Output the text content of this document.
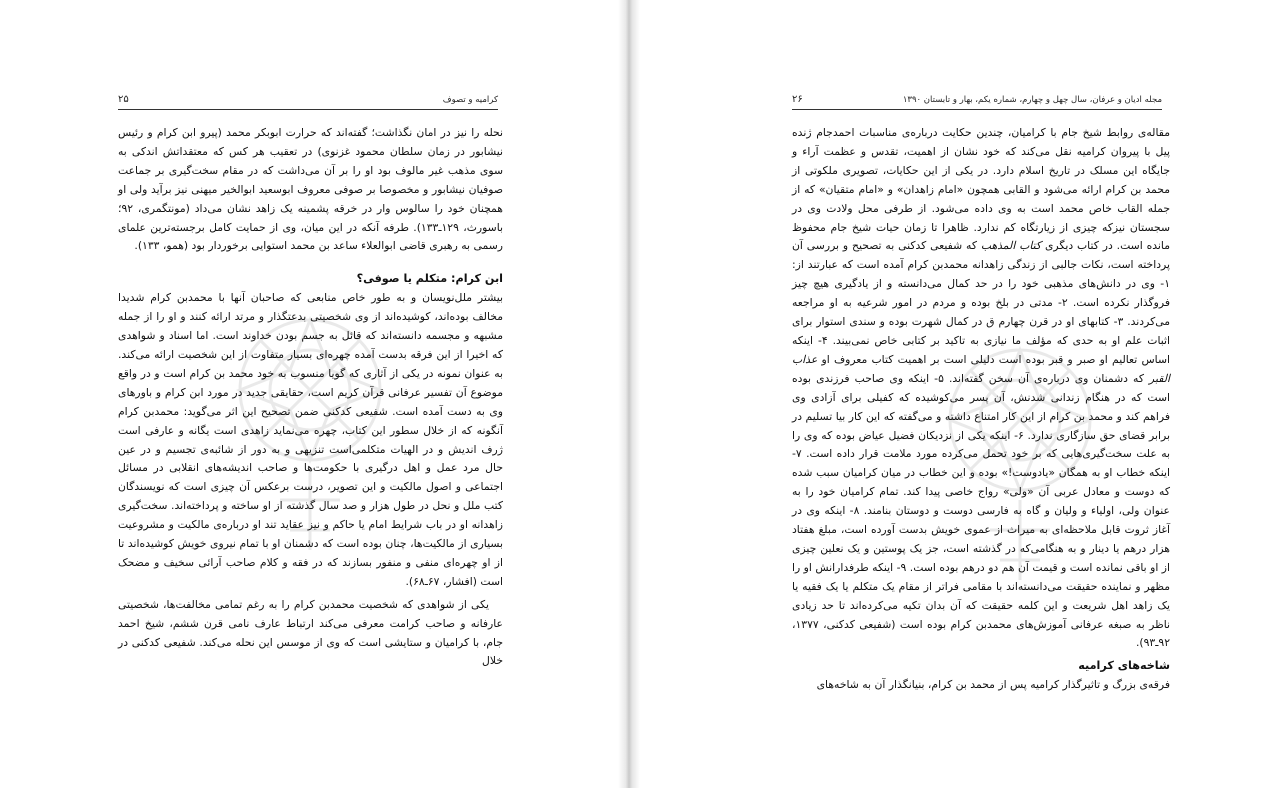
کرامیه و تصوف
۲۵

نحله را نیز در امان نگذاشت؛ گفته‌اند که حرارت ابوبکر محمد (پیرو ابن کرام و رئیس نیشابور در زمان سلطان محمود غزنوی) در تعقیب هر کس که معتقداتش اندکی به سوی مذهب غیر مالوف بود او را بر آن می‌داشت که در مقام سخت‌گیری بر جماعت صوفیان نیشابور و مخصوصا بر صوفی معروف ابوسعید ابوالخیر میهنی نیز برآید ولی او همچنان خود را سالوس وار در خرقه پشمینه یک زاهد نشان می‌داد (مونتگمری، ۹۲؛ باسورث، ۱۲۹ـ۱۳۳). طرفه آنکه در این میان، وی از حمایت کامل برجسته‌ترین علمای رسمی به رهبری قاضی ابوالعلاء ساعد بن محمد استوایی برخوردار بود (همو، ۱۳۳).

ابن کرام: متکلم یا صوفی؟

بیشتر ملل‌نویسان و به طور خاص منابعی که صاحبان آنها با محمدبن کرام شدیدا مخالف بوده‌اند، کوشیده‌اند از وی شخصیتی بدعتگذار و مرتد ارائه کنند و او را از جمله مشبهه و مجسمه دانسته‌اند که قائل به جسم بودن خداوند است. اما اسناد و شواهدی که اخیرا از این فرقه بدست آمده چهره‌ای بسیار متفاوت از این شخصیت ارائه می‌کند. به عنوان نمونه در یکی از آثاری که گویا منسوب به خود محمد بن کرام است و در واقع موضوع آن تفسیر عرفانی قرآن کریم است، حقایقی جدید در مورد ابن کرام و باورهای وی به دست آمده است. شفیعی کدکنی ضمن تصحیح این اثر می‌گوید: محمدبن کرام آنگونه که از خلال سطور این کتاب، چهره می‌نماید زاهدی است یگانه و عارفی است ژرف اندیش و در الهیات متکلمی‌است تنزیهی و به دور از شائبه‌ی تجسیم و در عین حال مرد عمل و اهل درگیری با حکومت‌ها و صاحب اندیشه‌های انقلابی در مسائل اجتماعی و اصول مالکیت و این تصویر، درست برعکس آن چیزی است که نویسندگان کتب ملل و نحل در طول هزار و صد سال گذشته از او ساخته و پرداخته‌اند. سخت‌گیری زاهدانه او در باب شرایط امام یا حاکم و نیز عقاید تند او درباره‌ی مالکیت و مشروعیت بسیاری از مالکیت‌ها، چنان بوده است که دشمنان او با تمام نیروی خویش کوشیده‌اند تا از او چهره‌ای منفی و منفور بسازند که در فقه و کلام صاحب آرائی سخیف و مضحک است (افشار، ۶۷ـ۶۸).

یکی از شواهدی که شخصیت محمدبن کرام را به رغم تمامی مخالفت‌ها، شخصیتی عارفانه و صاحب کرامت معرفی می‌کند ارتباط عارف نامی قرن ششم، شیخ احمد جام، با کرامیان و ستایشی است که وی از موسس این نحله می‌کند. شفیعی کدکنی در خلال

مجله ادیان و عرفان، سال چهل و چهارم، شماره یکم، بهار و تابستان ۱۳۹۰
۲۶

مقاله‌ی روابط شیخ جام با کرامیان، چندین حکایت درباره‌ی مناسبات احمدجام ژنده پیل با پیروان کرامیه نقل می‌کند که خود نشان از اهمیت، تقدس و عظمت آراء و جایگاه این مسلک در تاریخ اسلام دارد. در یکی از این حکایات، تصویری ملکوتی از محمد بن کرام ارائه می‌شود و القابی همچون «امام زاهدان» و «امام متقیان» که از جمله القاب خاص محمد است به وی داده می‌شود. از طرفی محل ولادت وی در سجستان نیزکه چیزی از زیارتگاه کم ندارد. ظاهرا تا زمان حیات شیخ جام محفوظ مانده است. در کتاب دیگری کتاب المذهب که شفیعی کدکنی به تصحیح و بررسی آن پرداخته است، نکات جالبی از زندگی زاهدانه محمدبن کرام آمده است که عبارتند از: ۱- وی در دانش‌های مذهبی خود را در حد کمال می‌دانسته و از یادگیری هیچ چیز فروگذار نکرده است. ۲- مدتی در بلخ بوده و مردم در امور شرعیه به او مراجعه می‌کردند. ۳- کتابهای او در قرن چهارم ق در کمال شهرت بوده و سندی استوار برای اثبات علم او به حدی که مؤلف ما نیازی به تاکید بر کتابی خاص نمی‌بیند. ۴- اینکه اساس تعالیم او صبر و قبر بوده است دلیلی است بر اهمیت کتاب معروف او عذاب القبر که دشمنان وی درباره‌ی آن سخن گفته‌اند. ۵- اینکه وی صاحب فرزندی بوده است که در هنگام زندانی شدنش، آن پسر می‌کوشیده که کفیلی برای آزادی وی فراهم کند و محمد بن کرام از این کار امتناع داشته و می‌گفته که این کار بیا تسلیم در برابر قضای حق سازگاری ندارد. ۶- اینکه یکی از نزدیکان فضیل عیاض بوده که وی را به علت سخت‌گیری‌هایی که بر خود تحمل می‌کرده مورد ملامت قرار داده است. ۷- اینکه خطاب او به همگان «یادوست!» بوده و این خطاب در میان کرامیان سبب شده که دوست و معادل عربی آن «ولی» رواج خاصی پیدا کند. تمام کرامیان خود را به عنوان ولی، اولیاء و ولیان و گاه به فارسی دوست و دوستان بنامند. ۸- اینکه وی در آغاز ثروت قابل ملاحظه‌ای به میراث از عموی خویش بدست آورده است، مبلغ هفتاد هزار درهم یا دینار و به هنگامی‌که در گذشته است، جز یک پوستین و یک نعلین چیزی از او باقی نمانده است و قیمت آن هم دو درهم بوده است. ۹- اینکه طرفدارانش او را مظهر و نماینده حقیقت می‌دانسته‌اند با مقامی فراتر از مقام یک متکلم یا یک فقیه یا یک زاهد اهل شریعت و این کلمه حقیقت که آن بدان تکیه می‌کرده‌اند تا حد زیادی ناظر به صبغه عرفانی آموزش‌های محمدبن کرام بوده است (شفیعی کدکنی، ۱۳۷۷، ۹۲ـ۹۳).

شاخه‌های کرامیه

فرقه‌ی بزرگ و تاثیرگذار کرامیه پس از محمد بن کرام، بنیانگذار آن به شاخه‌های
